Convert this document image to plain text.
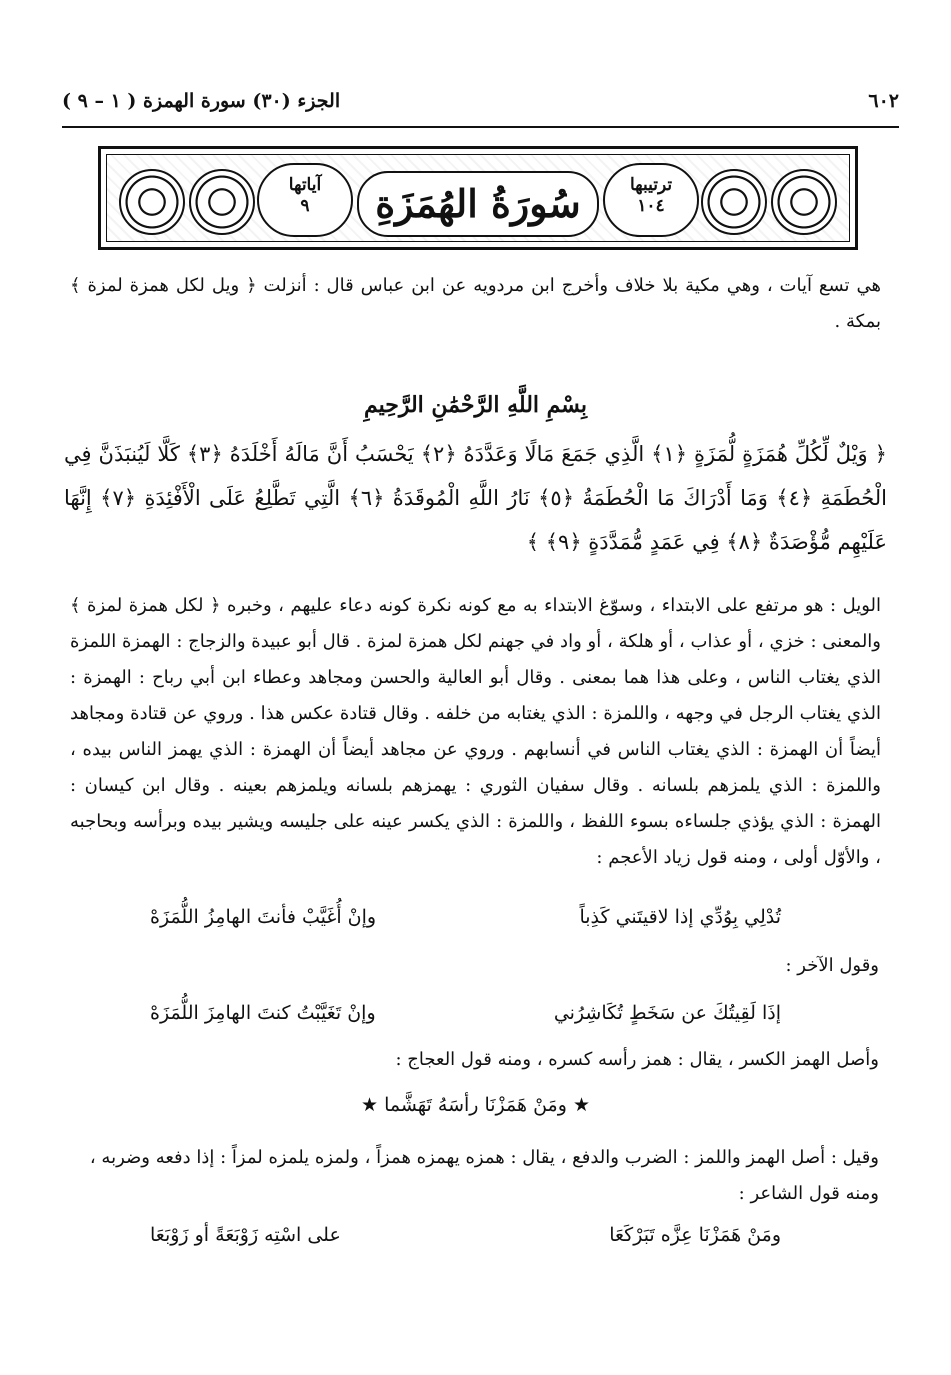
٦٠٢
الجزء (٣٠) سورة الهمزة ( ١ – ٩ )
ترتيبها
١٠٤
آياتها
٩	سُورَةُ الهُمَزَةِ
هي تسع آيات ، وهي مكية بلا خلاف وأخرج ابن مردويه عن ابن عباس قال : أنزلت ﴿ ويل لكل همزة لمزة ﴾ بمكة .
بِسْمِ اللَّهِ الرَّحْمَٰنِ الرَّحِيمِ
﴿ وَيْلٌ لِّكُلِّ هُمَزَةٍ لُّمَزَةٍ ﴿١﴾ الَّذِي جَمَعَ مَالًا وَعَدَّدَهُ ﴿٢﴾ يَحْسَبُ أَنَّ مَالَهُ أَخْلَدَهُ ﴿٣﴾ كَلَّا لَيُنبَذَنَّ فِي الْحُطَمَةِ ﴿٤﴾ وَمَا أَدْرَاكَ مَا الْحُطَمَةُ ﴿٥﴾ نَارُ اللَّهِ الْمُوقَدَةُ ﴿٦﴾ الَّتِي تَطَّلِعُ عَلَى الْأَفْئِدَةِ ﴿٧﴾ إِنَّهَا عَلَيْهِم مُّؤْصَدَةٌ ﴿٨﴾ فِي عَمَدٍ مُّمَدَّدَةٍ ﴿٩﴾ ﴾
الويل : هو مرتفع على الابتداء ، وسوّغ الابتداء به مع كونه نكرة كونه دعاء عليهم ، وخبره ﴿ لكل همزة لمزة ﴾ والمعنى : خزي ، أو عذاب ، أو هلكة ، أو واد في جهنم لكل همزة لمزة . قال أبو عبيدة والزجاج : الهمزة اللمزة الذي يغتاب الناس ، وعلى هذا هما بمعنى . وقال أبو العالية والحسن ومجاهد وعطاء ابن أبي رباح : الهمزة : الذي يغتاب الرجل في وجهه ، واللمزة : الذي يغتابه من خلفه . وقال قتادة عكس هذا . وروي عن قتادة ومجاهد أيضاً أن الهمزة : الذي يغتاب الناس في أنسابهم . وروي عن مجاهد أيضاً أن الهمزة : الذي يهمز الناس بيده ، واللمزة : الذي يلمزهم بلسانه . وقال سفيان الثوري : يهمزهم بلسانه ويلمزهم بعينه . وقال ابن كيسان : الهمزة : الذي يؤذي جلساءه بسوء اللفظ ، واللمزة : الذي يكسر عينه على جليسه ويشير بيده وبرأسه وبحاجبه ، والأوّل أولى ، ومنه قول زياد الأعجم :
تُدْلِي بِوُدِّي إذا لاقيتَني كَذِباً
وإنْ أُغَيَّبْ فأنتَ الهامِزُ اللُّمَزَهْ
وقول الآخر :
إذَا لَقِيتُكَ عن سَخَطٍ تُكَاشِرُني
وإنْ تَغَيَّبْتُ كنتَ الهامِزَ اللُّمَزَهْ
وأصل الهمز الكسر ، يقال : همز رأسه كسره ، ومنه قول العجاج :
★ ومَنْ هَمَزْنَا رأسَهُ تَهَشَّما ★
وقيل : أصل الهمز واللمز : الضرب والدفع ، يقال : همزه يهمزه همزاً ، ولمزه يلمزه لمزاً : إذا دفعه وضربه ، ومنه قول الشاعر :
ومَنْ هَمَزْنَا عِزَّه تَبَرْكَعَا
على اسْتِه زَوْبَعَةً أو زَوْبَعَا
